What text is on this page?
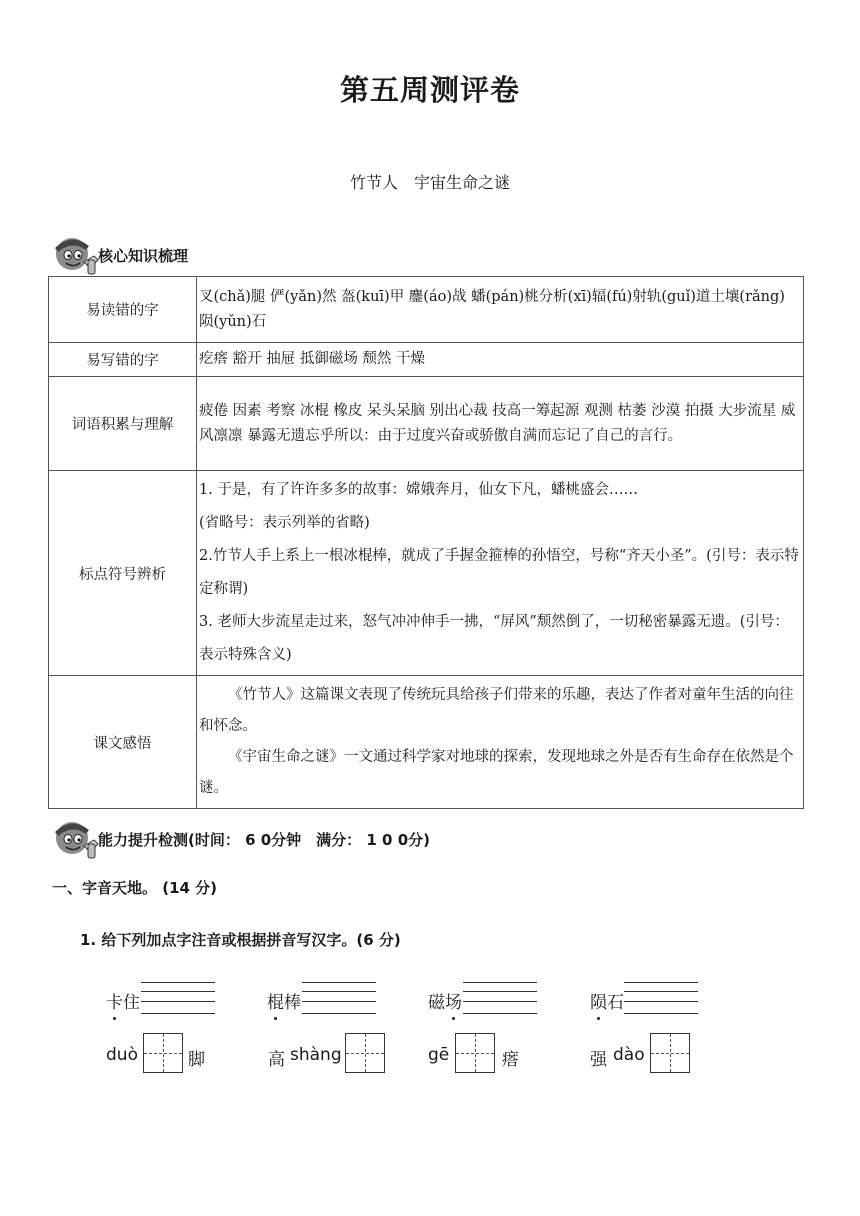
第五周测评卷
竹节人　宇宙生命之谜
核心知识梳理
易读错的字	叉(chǎ)腿 俨(yǎn)然 盔(kuī)甲 鏖(áo)战 蟠(pán)桃分析(xī)辐(fú)射轨(guǐ)道土壤(rǎng) 陨(yǔn)石

易写错的字	疙瘩 豁开 抽屉 抵御磁场 颓然 干燥

词语积累与理解	疲倦 因素 考察 冰棍 橡皮 呆头呆脑 别出心裁 技高一筹起源 观测 枯萎 沙漠 拍摄 大步流星 威风凛凛 暴露无遗忘乎所以：由于过度兴奋或骄傲自满而忘记了自己的言行。

标点符号辨析	1. 于是，有了许许多多的故事：嫦娥奔月，仙女下凡，蟠桃盛会……

(省略号：表示列举的省略)

2.竹节人手上系上一根冰棍棒，就成了手握金箍棒的孙悟空，号称“齐天小圣”。(引号：表示特定称谓)

3. 老师大步流星走过来，怒气冲冲伸手一拂，“屏风”颓然倒了，一切秘密暴露无遗。(引号：表示特殊含义)

课文感悟	《竹节人》这篇课文表现了传统玩具给孩子们带来的乐趣，表达了作者对童年生活的向往和怀念。

《宇宙生命之谜》一文通过科学家对地球的探索，发现地球之外是否有生命存在依然是个谜。

能力提升检测(时间： 6 0分钟　满分： 1 0 0分)
一、字音天地。 (14 分)
1. 给下列加点字注音或根据拼音写汉字。(6 分)
卡住	棍棒	磁场	陨石
duò	脚	高 shàng	gē	瘩	强 dào
